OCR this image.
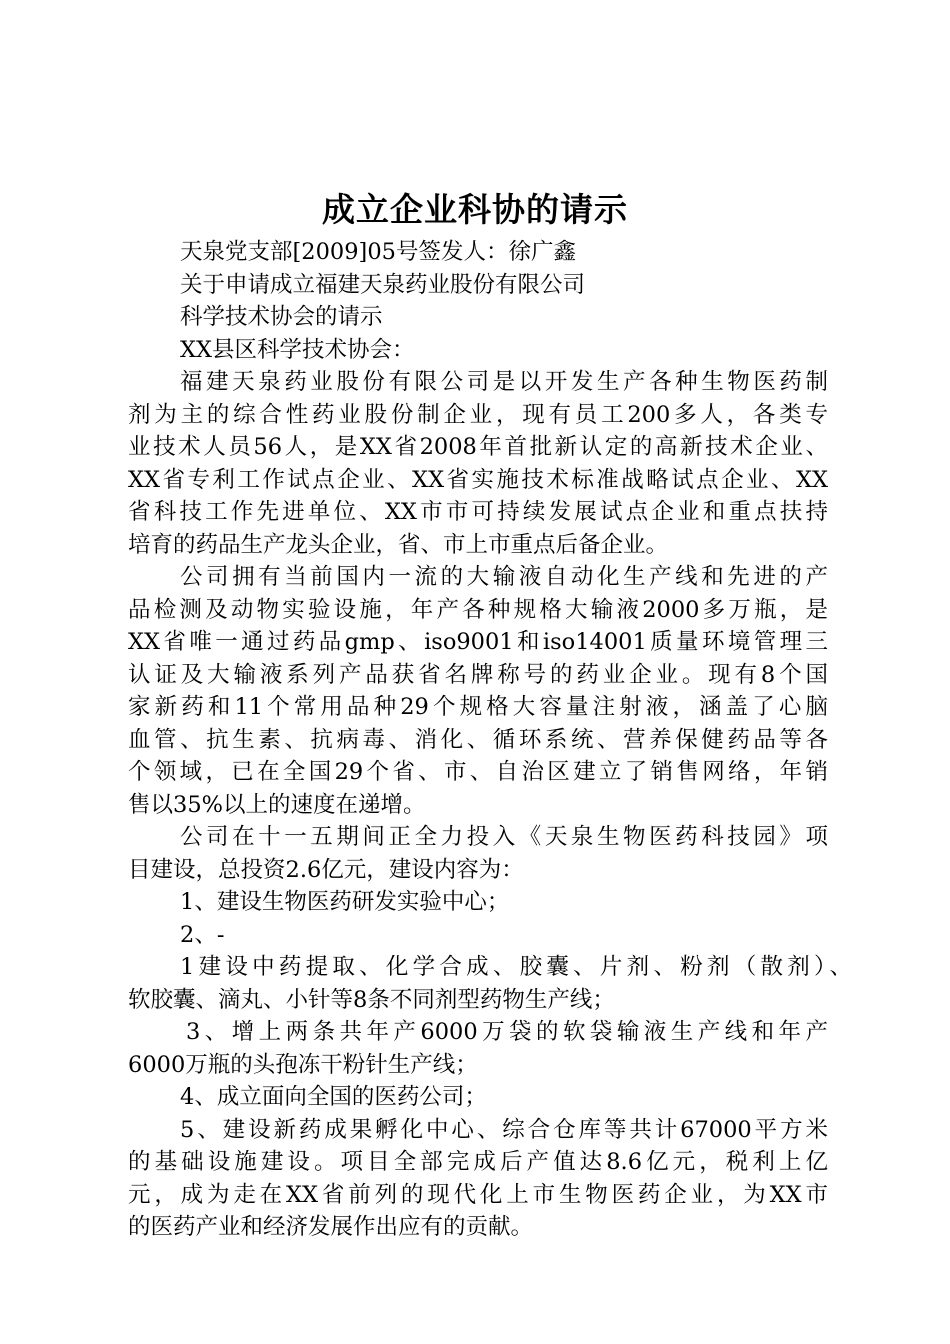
成立企业科协的请示

天泉党支部[2009]05号签发人：徐广鑫

关于申请成立福建天泉药业股份有限公司

科学技术协会的请示

XX县区科学技术协会：

福建天泉药业股份有限公司是以开发生产各种生物医药制

剂为主的综合性药业股份制企业，现有员工200多人，各类专

业技术人员56人，是XX省2008年首批新认定的高新技术企业、

XX省专利工作试点企业、XX省实施技术标准战略试点企业、XX

省科技工作先进单位、XX市市可持续发展试点企业和重点扶持

培育的药品生产龙头企业，省、市上市重点后备企业。

公司拥有当前国内一流的大输液自动化生产线和先进的产

品检测及动物实验设施，年产各种规格大输液2000多万瓶，是

XX省唯一通过药品gmp、iso9001和iso14001质量环境管理三

认证及大输液系列产品获省名牌称号的药业企业。现有8个国

家新药和11个常用品种29个规格大容量注射液，涵盖了心脑

血管、抗生素、抗病毒、消化、循环系统、营养保健药品等各

个领域，已在全国29个省、市、自治区建立了销售网络，年销

售以35%以上的速度在递增。

公司在十一五期间正全力投入《天泉生物医药科技园》项

目建设，总投资2.6亿元，建设内容为：

1、建设生物医药研发实验中心；

2、-

1建设中药提取、化学合成、胶囊、片剂、粉剂（散剂）、

软胶囊、滴丸、小针等8条不同剂型药物生产线；

3、增上两条共年产6000万袋的软袋输液生产线和年产

6000万瓶的头孢冻干粉针生产线；

4、成立面向全国的医药公司；

5、建设新药成果孵化中心、综合仓库等共计67000平方米

的基础设施建设。项目全部完成后产值达8.6亿元，税利上亿

元，成为走在XX省前列的现代化上市生物医药企业，为XX市

的医药产业和经济发展作出应有的贡献。
